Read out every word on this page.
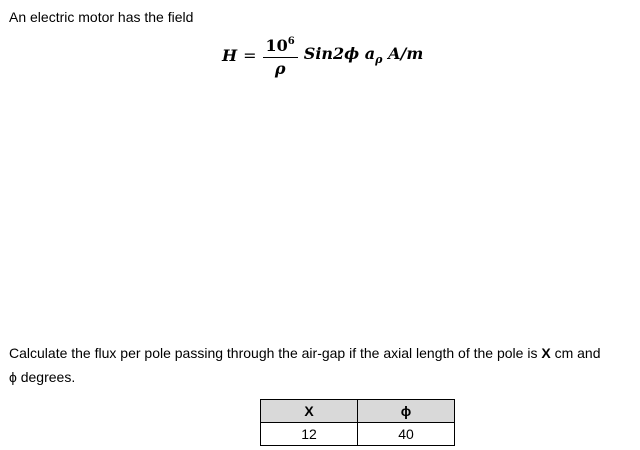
An electric motor has the field
$H = \frac{10^6}{\rho} Sin2\phi$ $a_\rho$ A/m
Calculate the flux per pole passing through the air-gap if the axial length of the pole is X cm and
ϕ degrees.
X	ϕ
12	40
